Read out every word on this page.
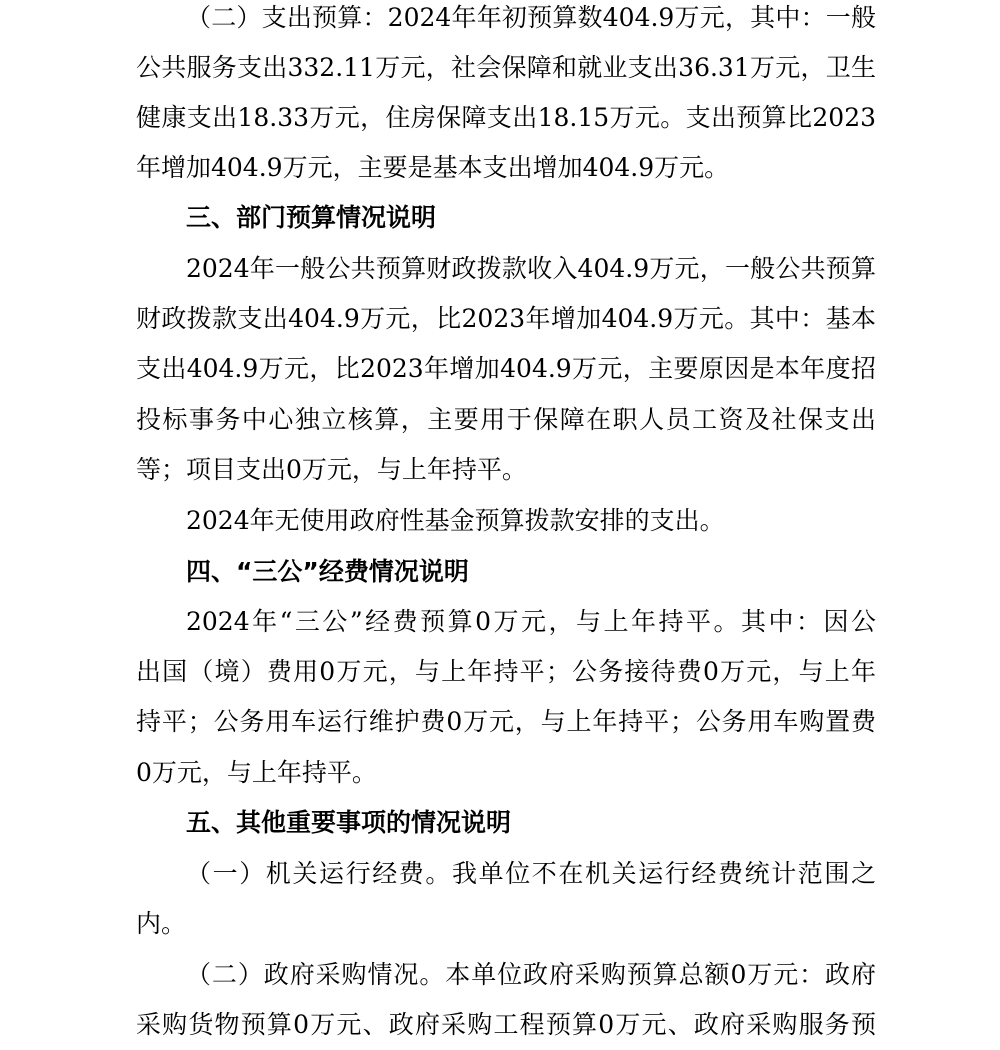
（二）支出预算：2024年年初预算数404.9万元，其中：一般
公共服务支出332.11万元，社会保障和就业支出36.31万元，卫生
健康支出18.33万元，住房保障支出18.15万元。支出预算比2023
年增加404.9万元，主要是基本支出增加404.9万元。
三、部门预算情况说明
2024年一般公共预算财政拨款收入404.9万元，一般公共预算
财政拨款支出404.9万元，比2023年增加404.9万元。其中：基本
支出404.9万元，比2023年增加404.9万元，主要原因是本年度招
投标事务中心独立核算，主要用于保障在职人员工资及社保支出
等；项目支出0万元，与上年持平。
2024年无使用政府性基金预算拨款安排的支出。
四、“三公”经费情况说明
2024年“三公”经费预算0万元，与上年持平。其中：因公
出国（境）费用0万元，与上年持平；公务接待费0万元，与上年
持平；公务用车运行维护费0万元，与上年持平；公务用车购置费
0万元，与上年持平。
五、其他重要事项的情况说明
（一）机关运行经费。我单位不在机关运行经费统计范围之
内。
（二）政府采购情况。本单位政府采购预算总额0万元：政府
采购货物预算0万元、政府采购工程预算0万元、政府采购服务预
